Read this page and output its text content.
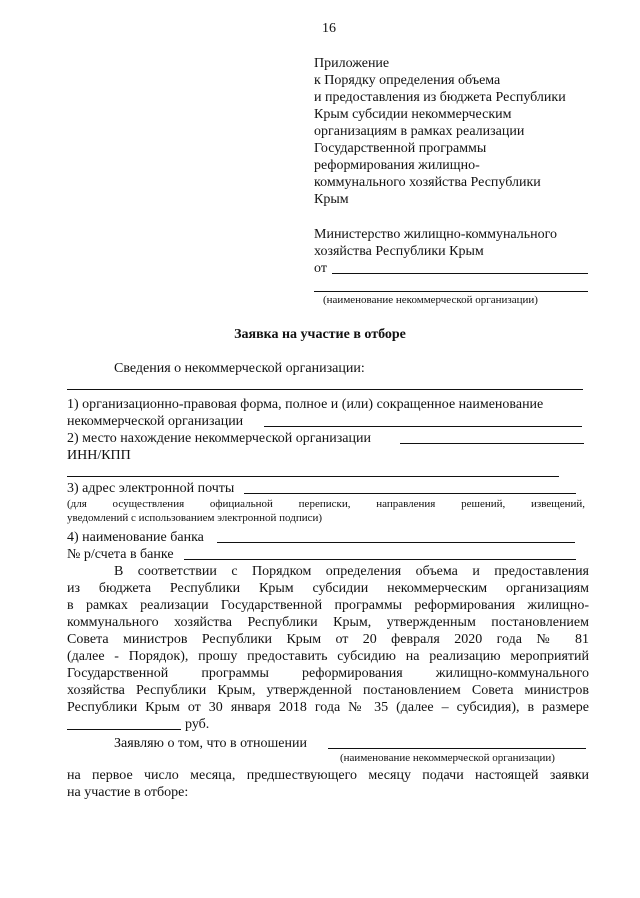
16
Приложение
к Порядку определения объема
и предоставления из бюджета Республики
Крым субсидии некоммерческим
организациям в рамках реализации
Государственной программы
реформирования жилищно-
коммунального хозяйства Республики
Крым
Министерство жилищно-коммунального
хозяйства Республики Крым
от
(наименование некоммерческой организации)
Заявка на участие в отборе
Сведения о некоммерческой организации:
1) организационно-правовая форма, полное и (или) сокращенное наименование
некоммерческой организации
2) место нахождение некоммерческой организации
ИНН/КПП
3) адрес электронной почты
(для осуществления официальной переписки, направления решений, извещений,
уведомлений с использованием электронной подписи)
4) наименование банка
№ р/счета в банке
В соответствии с Порядком определения объема и предоставления
из бюджета Республики Крым субсидии некоммерческим организациям
в рамках реализации Государственной программы реформирования жилищно-
коммунального хозяйства Республики Крым, утвержденным постановлением
Совета министров Республики Крым от 20 февраля 2020 года № 81
(далее - Порядок), прошу предоставить субсидию на реализацию мероприятий
Государственной программы реформирования жилищно-коммунального
хозяйства Республики Крым, утвержденной постановлением Совета министров
Республики Крым от 30 января 2018 года № 35 (далее – субсидия), в размере
руб.
Заявляю о том, что в отношении
(наименование некоммерческой организации)
на первое число месяца, предшествующего месяцу подачи настоящей заявки
на участие в отборе:
